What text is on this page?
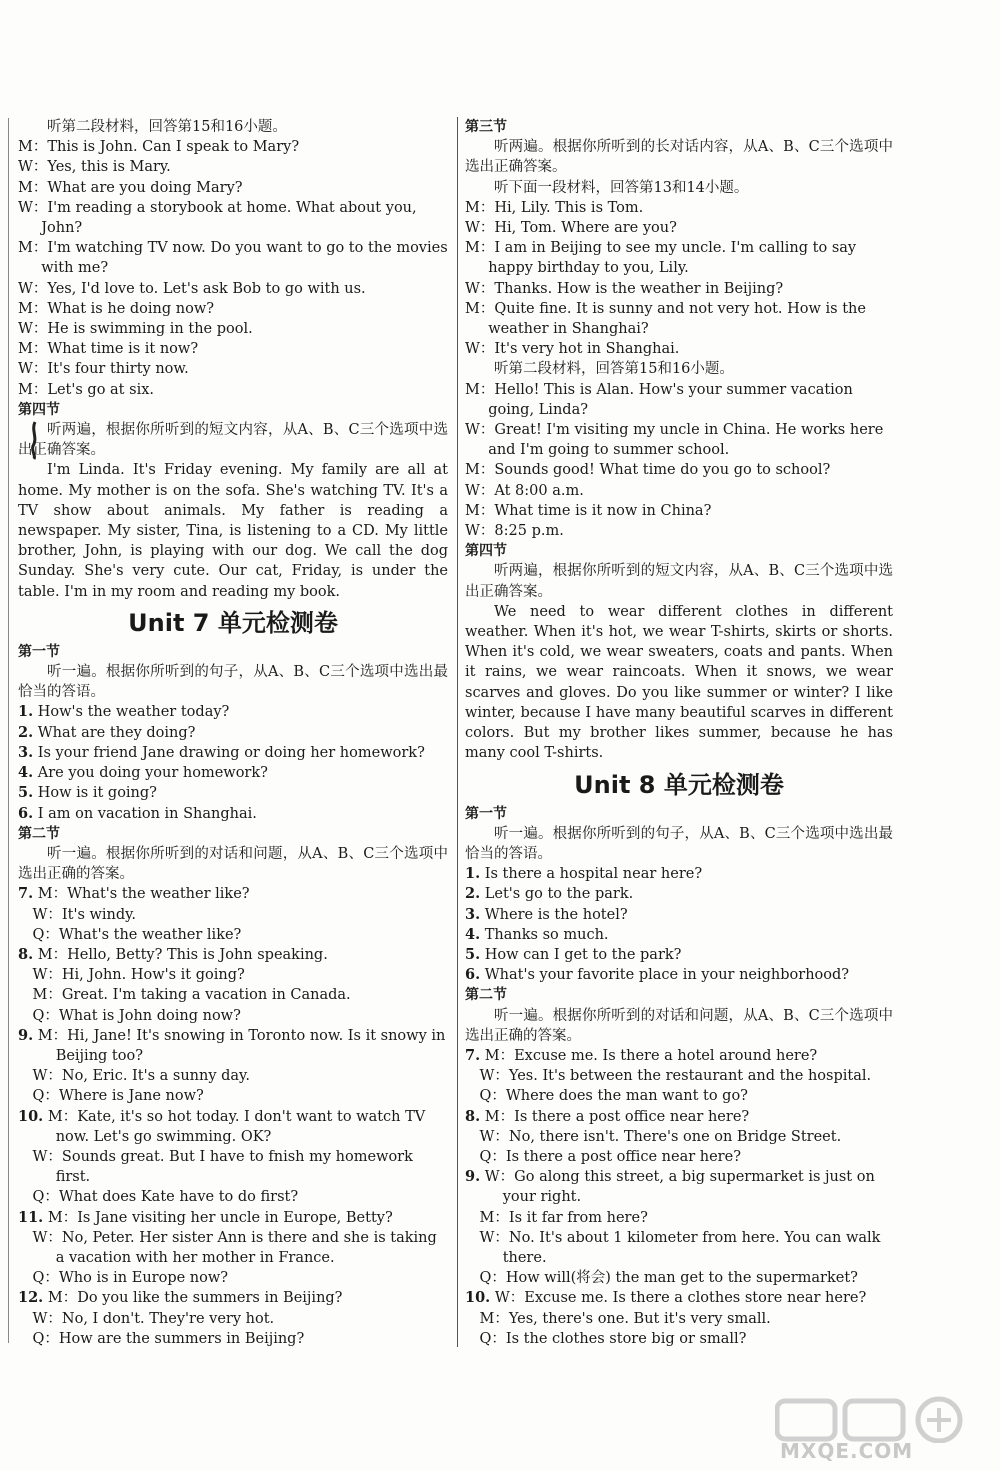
听第二段材料，回答第15和16小题。
M：This is John. Can I speak to Mary?
W：Yes, this is Mary.
M：What are you doing Mary?
W：I'm reading a storybook at home. What about you, John?
M：I'm watching TV now. Do you want to go to the movies with me?
W：Yes, I'd love to. Let's ask Bob to go with us.
M：What is he doing now?
W：He is swimming in the pool.
M：What time is it now?
W：It's four thirty now.
M：Let's go at six.
第四节
听两遍，根据你所听到的短文内容，从A、B、C三个选项中选出正确答案。
I'm Linda. It's Friday evening. My family are all at home. My mother is on the sofa. She's watching TV. It's a TV show about animals. My father is reading a newspaper. My sister, Tina, is listening to a CD. My little brother, John, is playing with our dog. We call the dog Sunday. She's very cute. Our cat, Friday, is under the table. I'm in my room and reading my book.
Unit 7 单元检测卷
第一节
听一遍。根据你所听到的句子，从A、B、C三个选项中选出最恰当的答语。
1. How's the weather today?
2. What are they doing?
3. Is your friend Jane drawing or doing her homework?
4. Are you doing your homework?
5. How is it going?
6. I am on vacation in Shanghai.
第二节
听一遍。根据你所听到的对话和问题，从A、B、C三个选项中选出正确的答案。
7. M：What's the weather like?
W：It's windy.
Q：What's the weather like?
8. M：Hello, Betty? This is John speaking.
W：Hi, John. How's it going?
M：Great. I'm taking a vacation in Canada.
Q：What is John doing now?
9. M：Hi, Jane! It's snowing in Toronto now. Is it snowy in Beijing too?
W：No, Eric. It's a sunny day.
Q：Where is Jane now?
10. M：Kate, it's so hot today. I don't want to watch TV now. Let's go swimming. OK?
W：Sounds great. But I have to fnish my homework first.
Q：What does Kate have to do first?
11. M：Is Jane visiting her uncle in Europe, Betty?
W：No, Peter. Her sister Ann is there and she is taking a vacation with her mother in France.
Q：Who is in Europe now?
12. M：Do you like the summers in Beijing?
W：No, I don't. They're very hot.
Q：How are the summers in Beijing?
第三节
听两遍。根据你所听到的长对话内容，从A、B、C三个选项中选出正确答案。
听下面一段材料，回答第13和14小题。
M：Hi, Lily. This is Tom.
W：Hi, Tom. Where are you?
M：I am in Beijing to see my uncle. I'm calling to say happy birthday to you, Lily.
W：Thanks. How is the weather in Beijing?
M：Quite fine. It is sunny and not very hot. How is the weather in Shanghai?
W：It's very hot in Shanghai.
听第二段材料，回答第15和16小题。
M：Hello! This is Alan. How's your summer vacation going, Linda?
W：Great! I'm visiting my uncle in China. He works here and I'm going to summer school.
M：Sounds good! What time do you go to school?
W：At 8:00 a.m.
M：What time is it now in China?
W：8:25 p.m.
第四节
听两遍，根据你所听到的短文内容，从A、B、C三个选项中选出正确答案。
We need to wear different clothes in different weather. When it's hot, we wear T-shirts, skirts or shorts. When it's cold, we wear sweaters, coats and pants. When it rains, we wear raincoats. When it snows, we wear scarves and gloves. Do you like summer or winter? I like winter, because I have many beautiful scarves in different colors. But my brother likes summer, because he has many cool T-shirts.
Unit 8 单元检测卷
第一节
听一遍。根据你所听到的句子，从A、B、C三个选项中选出最恰当的答语。
1. Is there a hospital near here?
2. Let's go to the park.
3. Where is the hotel?
4. Thanks so much.
5. How can I get to the park?
6. What's your favorite place in your neighborhood?
第二节
听一遍。根据你所听到的对话和问题，从A、B、C三个选项中选出正确的答案。
7. M：Excuse me. Is there a hotel around here?
W：Yes. It's between the restaurant and the hospital.
Q：Where does the man want to go?
8. M：Is there a post office near here?
W：No, there isn't. There's one on Bridge Street.
Q：Is there a post office near here?
9. W：Go along this street, a big supermarket is just on your right.
M：Is it far from here?
W：No. It's about 1 kilometer from here. You can walk there.
Q：How will(将会) the man get to the supermarket?
10. W：Excuse me. Is there a clothes store near here?
M：Yes, there's one. But it's very small.
Q：Is the clothes store big or small?
MXQE.COM
